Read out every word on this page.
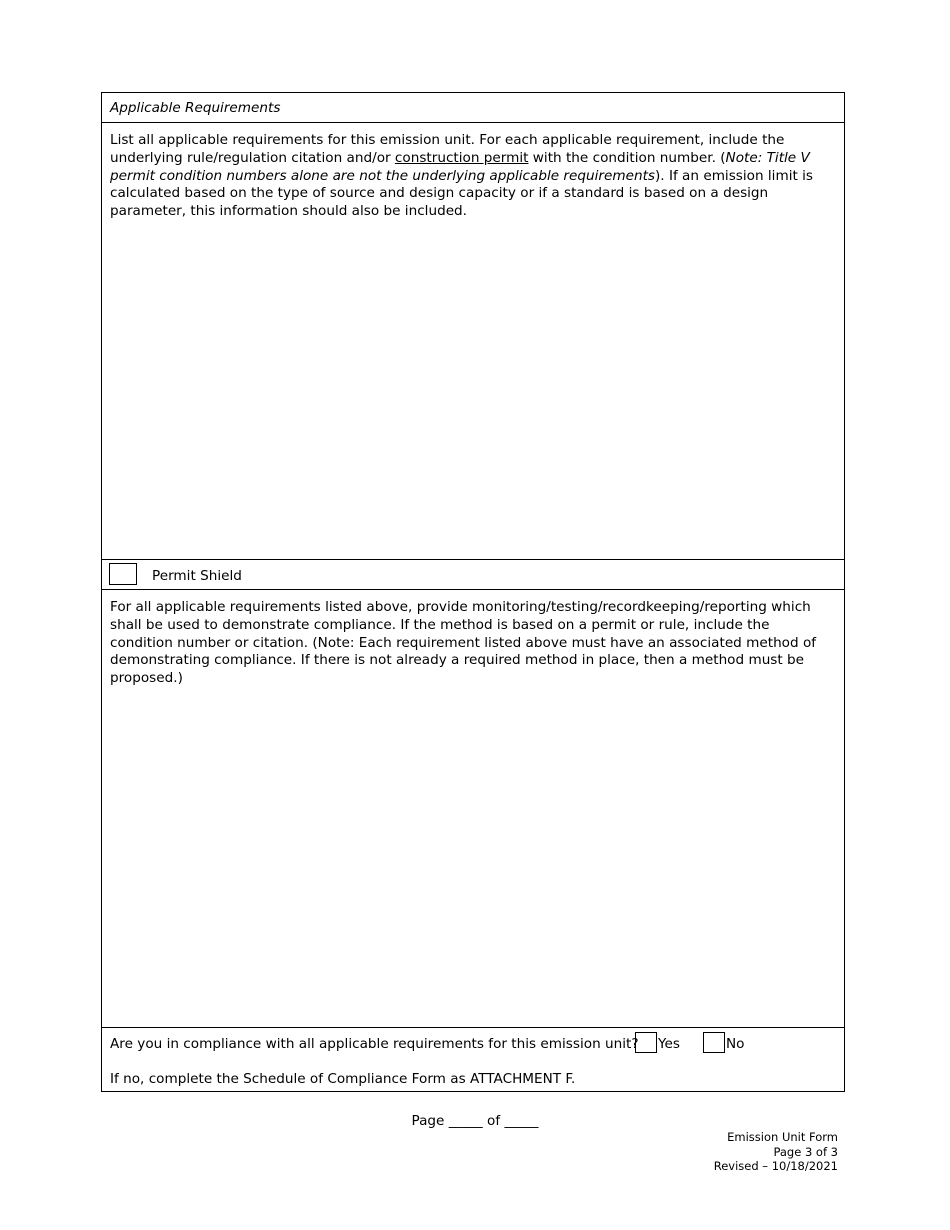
Applicable Requirements
List all applicable requirements for this emission unit. For each applicable requirement, include the underlying rule/regulation citation and/or construction permit with the condition number. (Note: Title V permit condition numbers alone are not the underlying applicable requirements). If an emission limit is calculated based on the type of source and design capacity or if a standard is based on a design parameter, this information should also be included.
Permit Shield
For all applicable requirements listed above, provide monitoring/testing/recordkeeping/reporting which shall be used to demonstrate compliance. If the method is based on a permit or rule, include the condition number or citation. (Note: Each requirement listed above must have an associated method of demonstrating compliance. If there is not already a required method in place, then a method must be proposed.)
Are you in compliance with all applicable requirements for this emission unit? Yes	No
If no, complete the Schedule of Compliance Form as ATTACHMENT F.
Page _____ of _____
Emission Unit Form
Page 3 of 3
Revised – 10/18/2021
